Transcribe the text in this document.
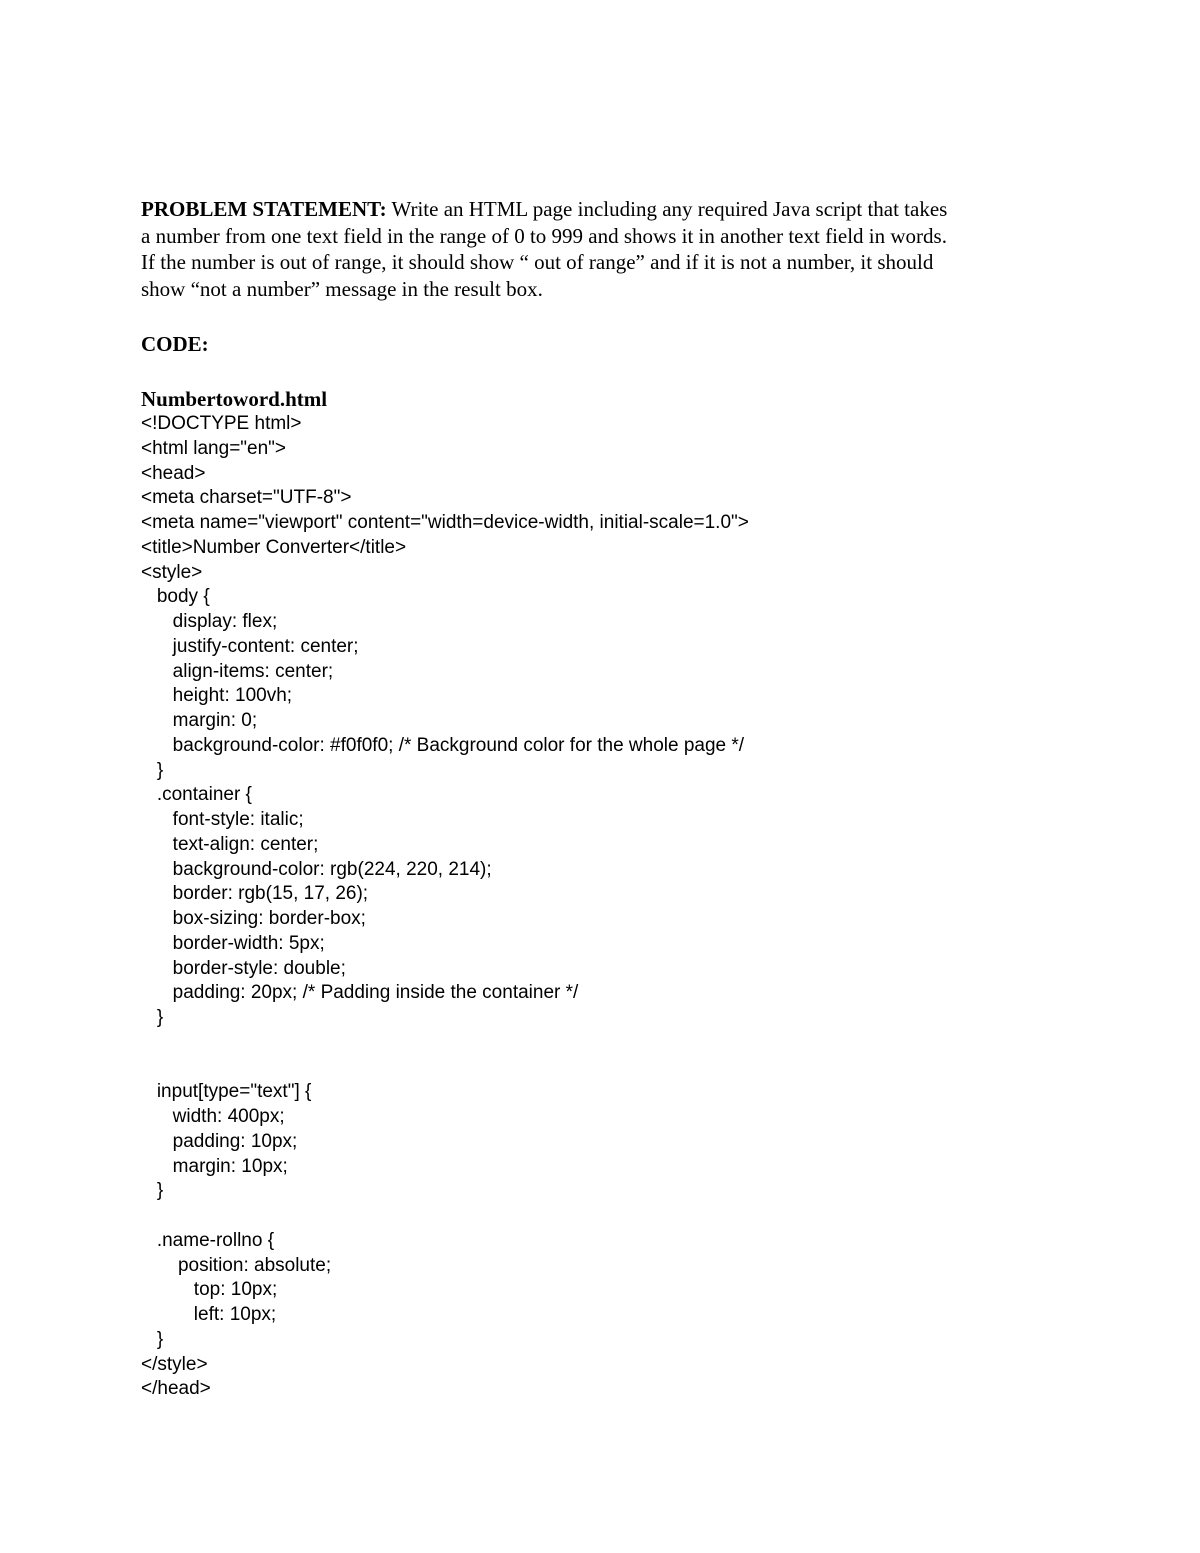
PROBLEM STATEMENT: Write an HTML page including any required Java script that takes
a number from one text field in the range of 0 to 999 and shows it in another text field in words.
If the number is out of range, it should show “ out of range” and if it is not a number, it should
show “not a number” message in the result box.
CODE:
Numbertoword.html
<!DOCTYPE html>
<html lang="en">
<head>
<meta charset="UTF-8">
<meta name="viewport" content="width=device-width, initial-scale=1.0">
<title>Number Converter</title>
<style>
body {
display: flex;
justify-content: center;
align-items: center;
height: 100vh;
margin: 0;
background-color: #f0f0f0; /* Background color for the whole page */
}
.container {
font-style: italic;
text-align: center;
background-color: rgb(224, 220, 214);
border: rgb(15, 17, 26);
box-sizing: border-box;
border-width: 5px;
border-style: double;
padding: 20px; /* Padding inside the container */
}
input[type="text"] {
width: 400px;
padding: 10px;
margin: 10px;
}
.name-rollno {
position: absolute;
top: 10px;
left: 10px;
}
</style>
</head>
